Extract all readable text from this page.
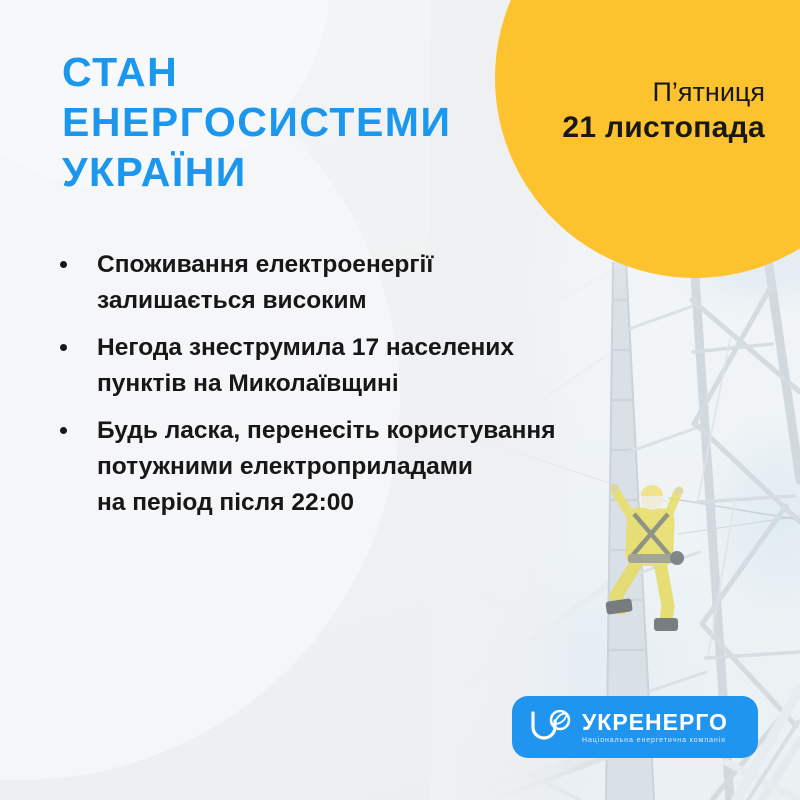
П’ятниця
21 листопада
СТАН
ЕНЕРГОСИСТЕМИ
УКРАЇНИ
Споживання електроенергії
залишається високим
Негода знеструмила 17 населених
пунктів на Миколаївщині
Будь ласка, перенесіть користування
потужними електроприладами
на період після 22:00
УКРЕНЕРГО
Національна енергетична компанія
